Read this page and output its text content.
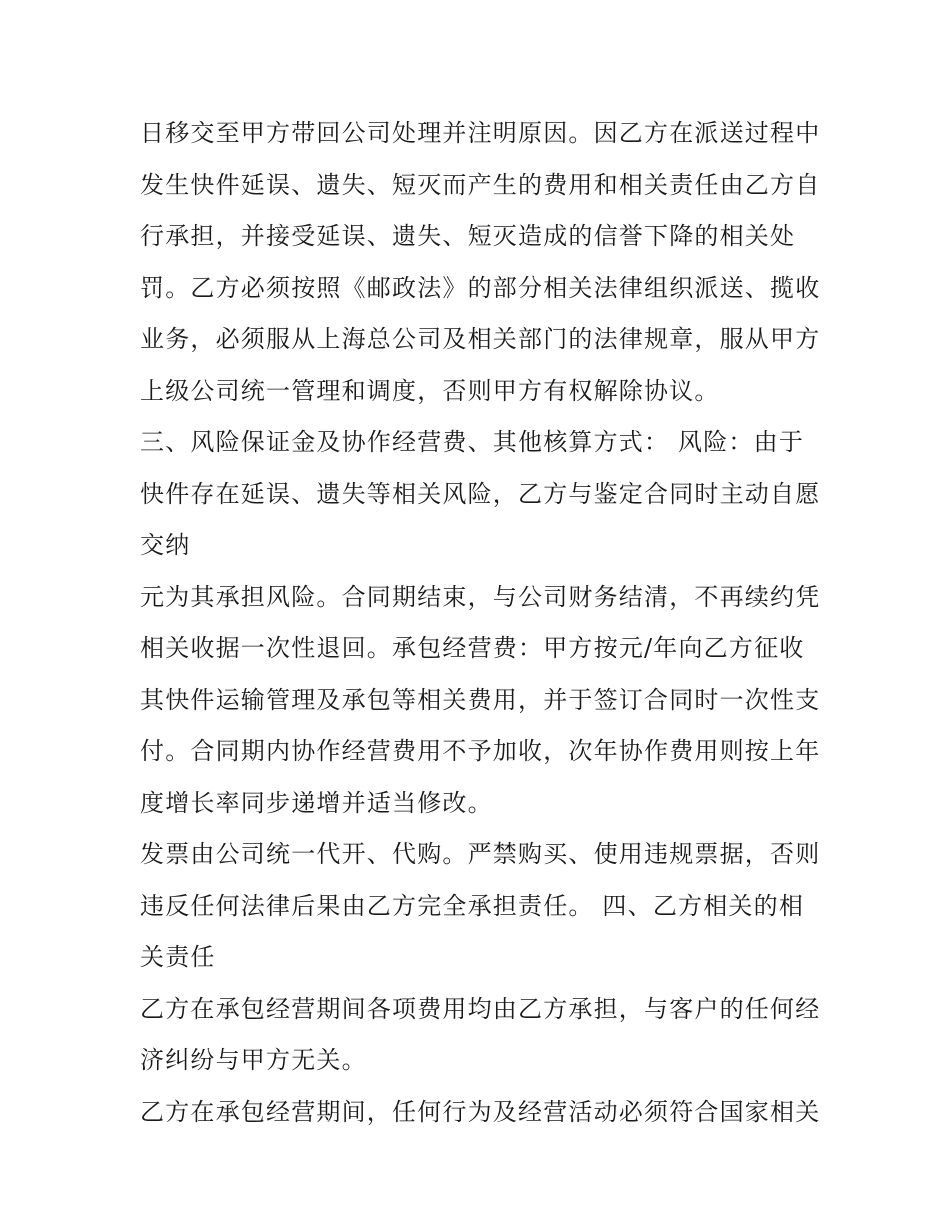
日移交至甲方带回公司处理并注明原因。因乙方在派送过程中
发生快件延误、遗失、短灭而产生的费用和相关责任由乙方自
行承担，并接受延误、遗失、短灭造成的信誉下降的相关处
罚。乙方必须按照《邮政法》的部分相关法律组织派送、揽收
业务，必须服从上海总公司及相关部门的法律规章，服从甲方
上级公司统一管理和调度，否则甲方有权解除协议。
三、风险保证金及协作经营费、其他核算方式： 风险：由于
快件存在延误、遗失等相关风险，乙方与鉴定合同时主动自愿
交纳
元为其承担风险。合同期结束，与公司财务结清，不再续约凭
相关收据一次性退回。承包经营费：甲方按元/年向乙方征收
其快件运输管理及承包等相关费用，并于签订合同时一次性支
付。合同期内协作经营费用不予加收，次年协作费用则按上年
度增长率同步递增并适当修改。
发票由公司统一代开、代购。严禁购买、使用违规票据，否则
违反任何法律后果由乙方完全承担责任。 四、乙方相关的相
关责任
乙方在承包经营期间各项费用均由乙方承担，与客户的任何经
济纠纷与甲方无关。
乙方在承包经营期间，任何行为及经营活动必须符合国家相关
